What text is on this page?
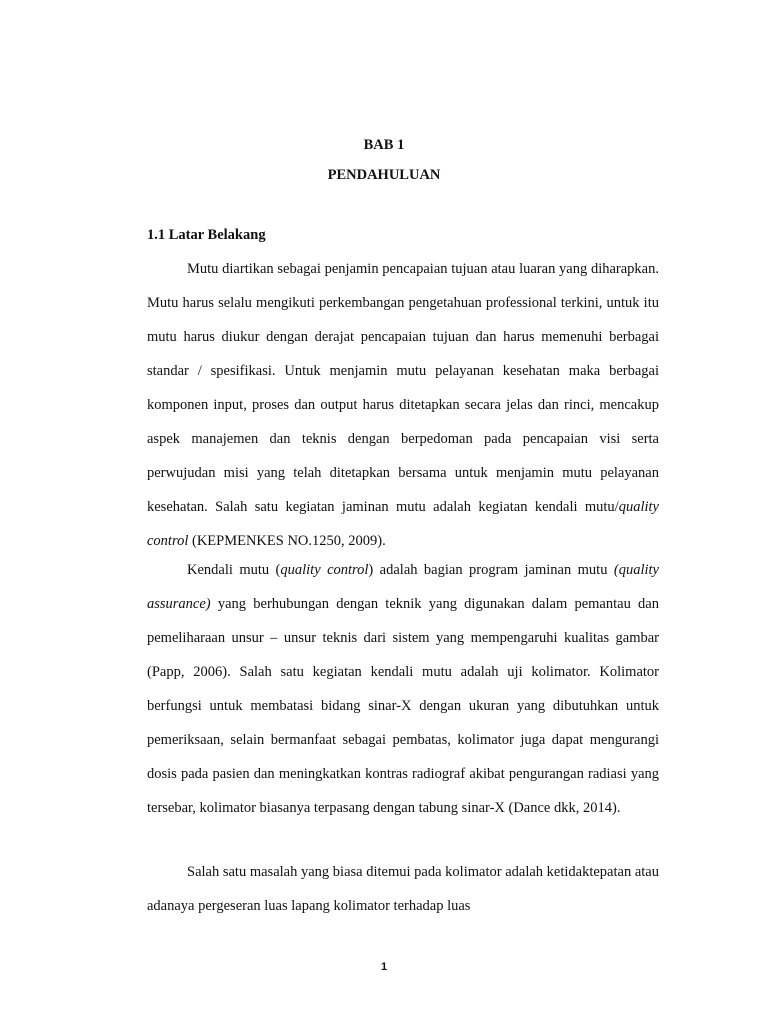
BAB 1
PENDAHULUAN
1.1 Latar Belakang

Mutu diartikan sebagai penjamin pencapaian tujuan atau luaran yang diharapkan. Mutu harus selalu mengikuti perkembangan pengetahuan professional terkini, untuk itu mutu harus diukur dengan derajat pencapaian tujuan dan harus memenuhi berbagai standar / spesifikasi. Untuk menjamin mutu pelayanan kesehatan maka berbagai komponen input, proses dan output harus ditetapkan secara jelas dan rinci, mencakup aspek manajemen dan teknis dengan berpedoman pada pencapaian visi serta perwujudan misi yang telah ditetapkan bersama untuk menjamin mutu pelayanan kesehatan. Salah satu kegiatan jaminan mutu adalah kegiatan kendali mutu/quality control (KEPMENKES NO.1250, 2009).

Kendali mutu (quality control) adalah bagian program jaminan mutu (quality assurance) yang berhubungan dengan teknik yang digunakan dalam pemantau dan pemeliharaan unsur – unsur teknis dari sistem yang mempengaruhi kualitas gambar (Papp, 2006). Salah satu kegiatan kendali mutu adalah uji kolimator. Kolimator berfungsi untuk membatasi bidang sinar-X dengan ukuran yang dibutuhkan untuk pemeriksaan, selain bermanfaat sebagai pembatas, kolimator juga dapat mengurangi dosis pada pasien dan meningkatkan kontras radiograf akibat pengurangan radiasi yang tersebar, kolimator biasanya terpasang dengan tabung sinar-X (Dance dkk, 2014).

Salah satu masalah yang biasa ditemui pada kolimator adalah ketidaktepatan atau adanaya pergeseran luas lapang kolimator terhadap luas

1
